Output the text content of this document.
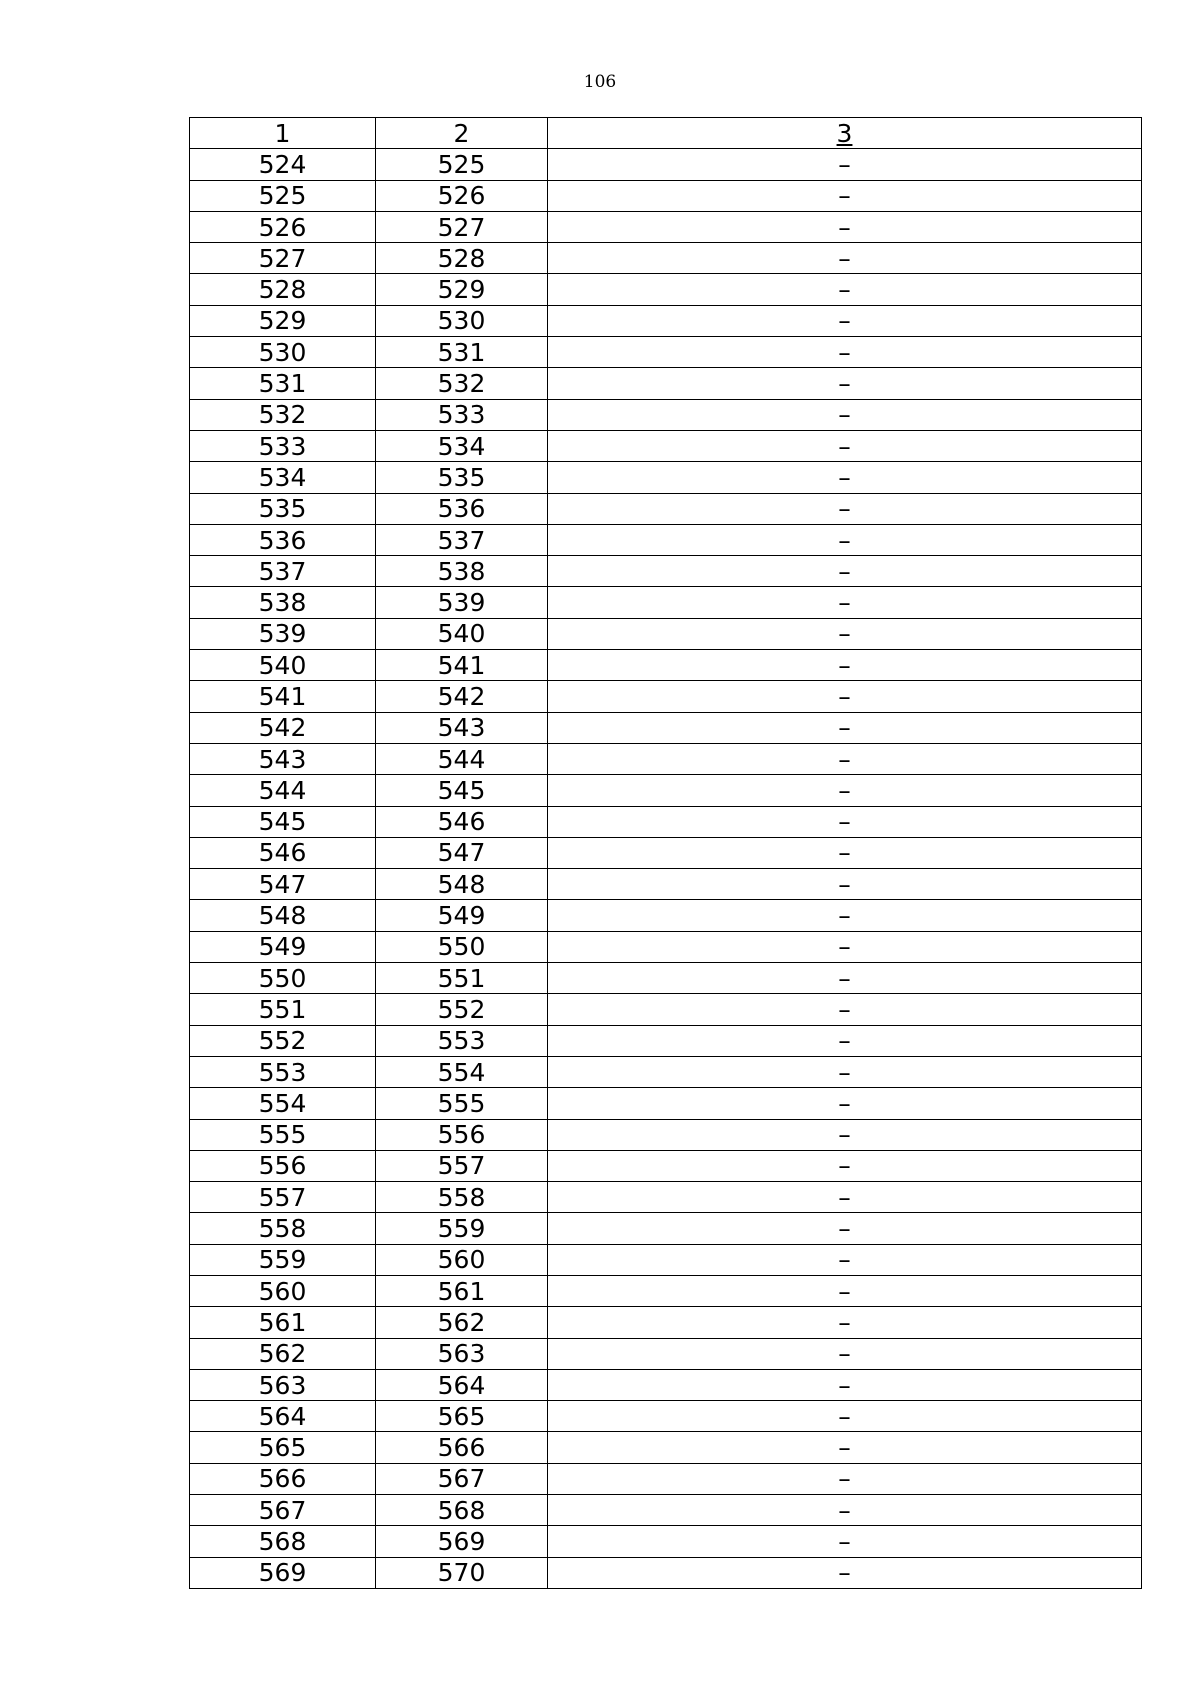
106
1	2	3
524	525	–
525	526	–
526	527	–
527	528	–
528	529	–
529	530	–
530	531	–
531	532	–
532	533	–
533	534	–
534	535	–
535	536	–
536	537	–
537	538	–
538	539	–
539	540	–
540	541	–
541	542	–
542	543	–
543	544	–
544	545	–
545	546	–
546	547	–
547	548	–
548	549	–
549	550	–
550	551	–
551	552	–
552	553	–
553	554	–
554	555	–
555	556	–
556	557	–
557	558	–
558	559	–
559	560	–
560	561	–
561	562	–
562	563	–
563	564	–
564	565	–
565	566	–
566	567	–
567	568	–
568	569	–
569	570	–
